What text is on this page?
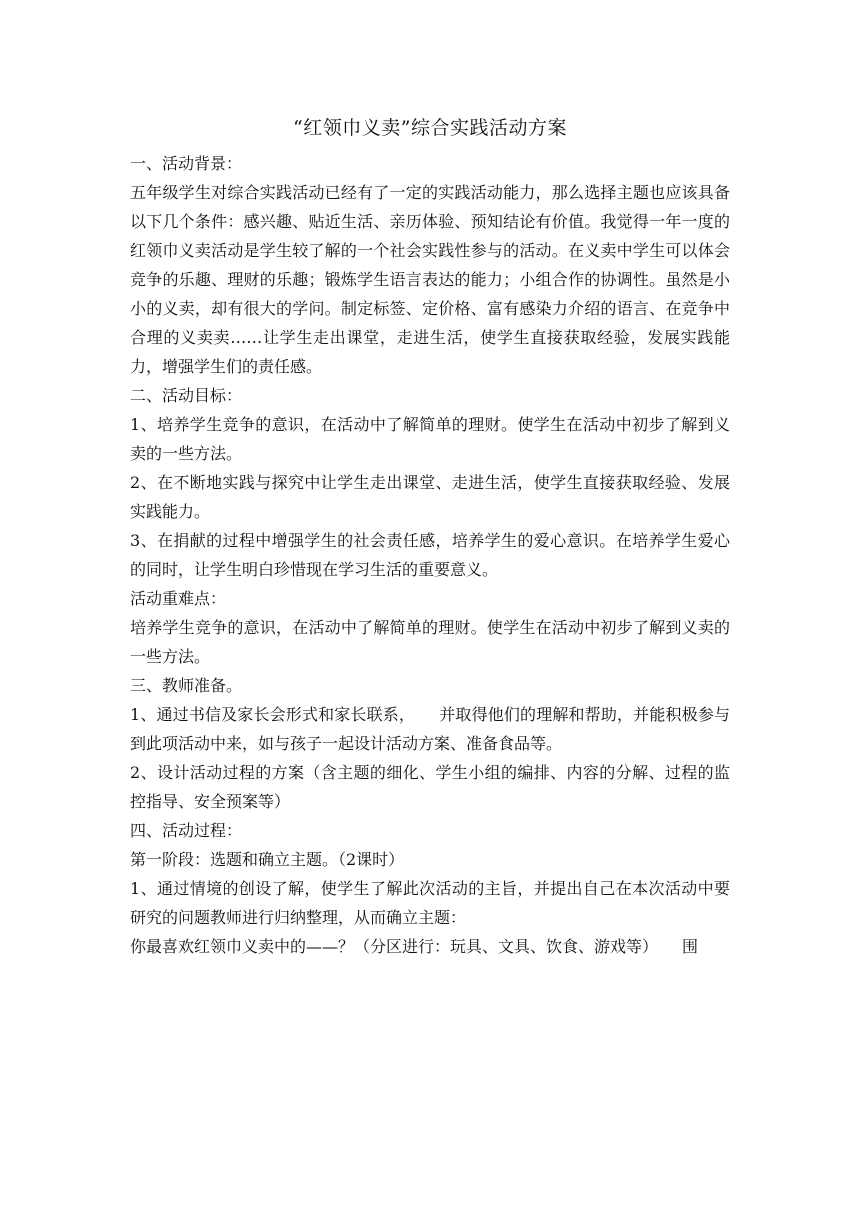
“红领巾义卖”综合实践活动方案

一、活动背景：

五年级学生对综合实践活动已经有了一定的实践活动能力，那么选择主题也应该具备以下几个条件：感兴趣、贴近生活、亲历体验、预知结论有价值。我觉得一年一度的红领巾义卖活动是学生较了解的一个社会实践性参与的活动。在义卖中学生可以体会竞争的乐趣、理财的乐趣；锻炼学生语言表达的能力；小组合作的协调性。虽然是小小的义卖，却有很大的学问。制定标签、定价格、富有感染力介绍的语言、在竞争中合理的义卖卖……让学生走出课堂，走进生活，使学生直接获取经验，发展实践能力，增强学生们的责任感。

二、活动目标：

1、培养学生竞争的意识，在活动中了解简单的理财。使学生在活动中初步了解到义卖的一些方法。

2、在不断地实践与探究中让学生走出课堂、走进生活，使学生直接获取经验、发展实践能力。

3、在捐献的过程中增强学生的社会责任感，培养学生的爱心意识。在培养学生爱心的同时，让学生明白珍惜现在学习生活的重要意义。

活动重难点：

培养学生竞争的意识，在活动中了解简单的理财。使学生在活动中初步了解到义卖的一些方法。

三、教师准备。

1、通过书信及家长会形式和家长联系， 并取得他们的理解和帮助，并能积极参与到此项活动中来，如与孩子一起设计活动方案、准备食品等。

2、设计活动过程的方案（含主题的细化、学生小组的编排、内容的分解、过程的监控指导、安全预案等）

四、活动过程：

第一阶段：选题和确立主题。（2课时）

1、通过情境的创设了解，使学生了解此次活动的主旨，并提出自己在本次活动中要研究的问题教师进行归纳整理，从而确立主题：

你最喜欢红领巾义卖中的——？（分区进行：玩具、文具、饮食、游戏等） 围
